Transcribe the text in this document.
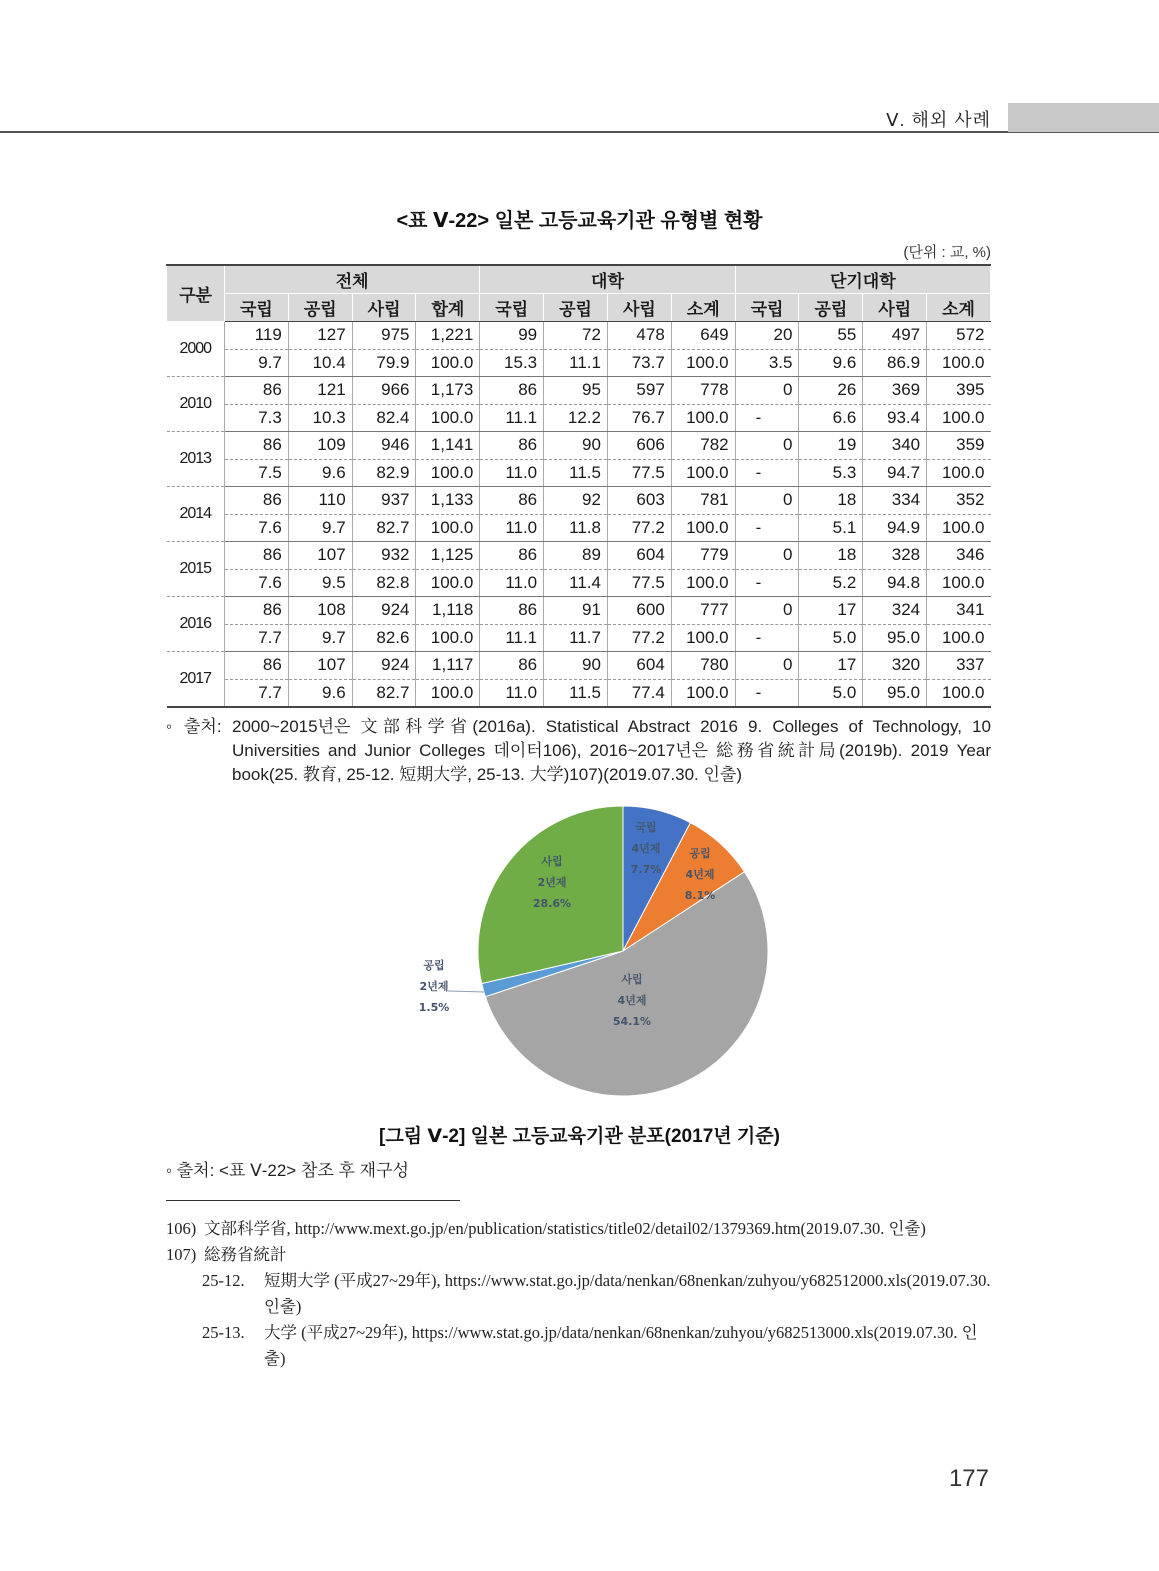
Ⅴ. 해외 사례
<표 Ⅴ-22> 일본 고등교육기관 유형별 현황
(단위 : 교, %)
구분	전체				대학				단기대학			
	국립	공립	사립	합계	국립	공립	사립	소계	국립	공립	사립	소계
2000	119	127	975	1,221	99	72	478	649	20	55	497	572
	9.7	10.4	79.9	100.0	15.3	11.1	73.7	100.0	3.5	9.6	86.9	100.0
2010	86	121	966	1,173	86	95	597	778	0	26	369	395
	7.3	10.3	82.4	100.0	11.1	12.2	76.7	100.0	-	6.6	93.4	100.0
2013	86	109	946	1,141	86	90	606	782	0	19	340	359
	7.5	9.6	82.9	100.0	11.0	11.5	77.5	100.0	-	5.3	94.7	100.0
2014	86	110	937	1,133	86	92	603	781	0	18	334	352
	7.6	9.7	82.7	100.0	11.0	11.8	77.2	100.0	-	5.1	94.9	100.0
2015	86	107	932	1,125	86	89	604	779	0	18	328	346
	7.6	9.5	82.8	100.0	11.0	11.4	77.5	100.0	-	5.2	94.8	100.0
2016	86	108	924	1,118	86	91	600	777	0	17	324	341
	7.7	9.7	82.6	100.0	11.1	11.7	77.2	100.0	-	5.0	95.0	100.0
2017	86	107	924	1,117	86	90	604	780	0	17	320	337
	7.7	9.6	82.7	100.0	11.0	11.5	77.4	100.0	-	5.0	95.0	100.0
◦ 출처: 2000~2015년은 文部科学省(2016a). Statistical Abstract 2016 9. Colleges of Technology, 10 Universities and Junior Colleges 데이터106), 2016~2017년은 総務省統計局(2019b). 2019 Year book(25. 教育, 25-12. 短期大学, 25-13. 大学)107)(2019.07.30. 인출)
국립
4년제
7.7%
공립
4년제
8.1%
사립
4년제
54.1%
공립
2년제
1.5%
사립
2년제
28.6%
[그림 Ⅴ-2] 일본 고등교육기관 분포(2017년 기준)
◦ 출처: <표 Ⅴ-22> 참조 후 재구성
106) 文部科学省, http://www.mext.go.jp/en/publication/statistics/title02/detail02/1379369.htm(2019.07.30. 인출)
107) 総務省統計
25-12. 短期大学 (平成27~29年), https://www.stat.go.jp/data/nenkan/68nenkan/zuhyou/y682512000.xls(2019.07.30. 인출)
25-13. 大学 (平成27~29年), https://www.stat.go.jp/data/nenkan/68nenkan/zuhyou/y682513000.xls(2019.07.30. 인출)
177
